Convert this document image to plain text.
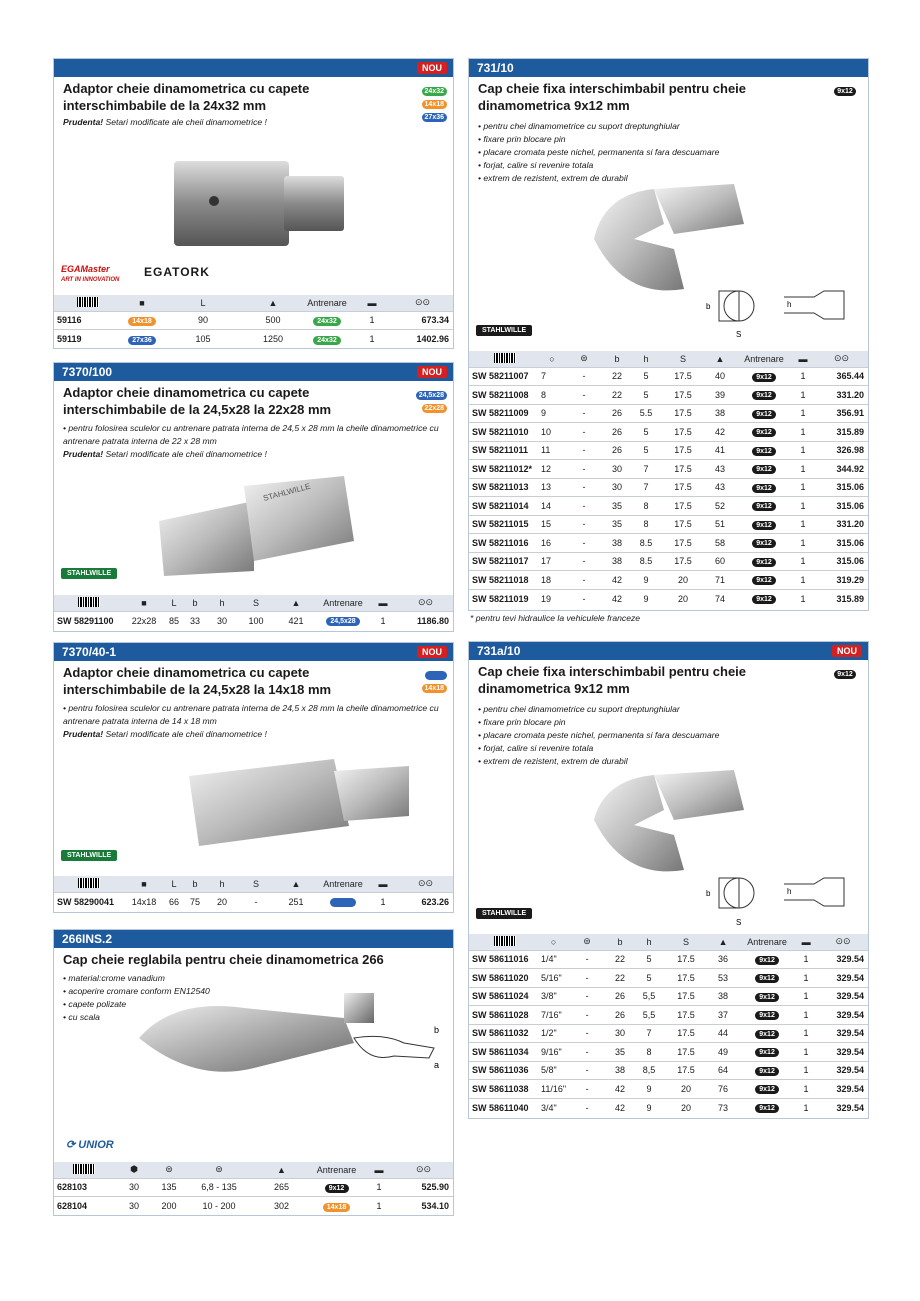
NOU
Adaptor cheie dinamometrica cu capete interschimbabile de la 24x32 mm
24x32
14x18
27x36
Prudenta! Setari modificate ale cheii dinamometrice !
EGAMaster
ART IN INNOVATION
EGATORK
	■	L	▲	Antrenare	▬	⊙⊙
59116	14x18	90	500	24x32	1	673.34
59119	27x36	105	1250	24x32	1	1402.96
7370/100	NOU
Adaptor cheie dinamometrica cu capete interschimbabile de la 24,5x28 la 22x28 mm
24,5x28
22x28
• pentru folosirea sculelor cu antrenare patrata interna de 24,5 x 28 mm la cheile dinamometrice cu antrenare patrata interna de 22 x 28 mm
Prudenta! Setari modificate ale cheii dinamometrice !
STAHLWILLE
STAHLWILLE
	■	L	b	h	S	▲	Antrenare	▬	⊙⊙
SW 58291100	22x28	85	33	30	100	421	24,5x28	1	1186.80
7370/40-1	NOU
Adaptor cheie dinamometrica cu capete interschimbabile de la 24,5x28 la 14x18 mm
	14x18
• pentru folosirea sculelor cu antrenare patrata interna de 24,5 x 28 mm la cheile dinamometrice cu antrenare patrata interna de 14 x 18 mm
Prudenta! Setari modificate ale cheii dinamometrice !
STAHLWILLE
	■	L	b	h	S	▲	Antrenare	▬	⊙⊙
SW 58290041	14x18	66	75	20	-	251		1	623.26
266INS.2
Cap cheie reglabila pentru cheie dinamometrica 266
• material:crome vanadium
• acoperire cromare conform EN12540
• capete polizate
• cu scala
b
a
⟳ UNIOR
	⬢	⊜	⊜	▲	Antrenare	▬	⊙⊙
628103	30	135	6,8 - 135	265	9x12	1	525.90
628104	30	200	10 - 200	302	14x18	1	534.10
731/10
Cap cheie fixa interschimbabil pentru cheie dinamometrica 9x12 mm
9x12
• pentru chei dinamometrice cu suport dreptunghiular
• fixare prin blocare pin
• placare cromata peste nichel, permanenta si fara descuamare
• forjat, calire si revenire totala
• extrem de rezistent, extrem de durabil
b
S
h
STAHLWILLE
	○	⊜	b	h	S	▲	Antrenare	▬	⊙⊙
SW 58211007	7	-	22	5	17.5	40	9x12	1	365.44
SW 58211008	8	-	22	5	17.5	39	9x12	1	331.20
SW 58211009	9	-	26	5.5	17.5	38	9x12	1	356.91
SW 58211010	10	-	26	5	17.5	42	9x12	1	315.89
SW 58211011	11	-	26	5	17.5	41	9x12	1	326.98
SW 58211012*	12	-	30	7	17.5	43	9x12	1	344.92
SW 58211013	13	-	30	7	17.5	43	9x12	1	315.06
SW 58211014	14	-	35	8	17.5	52	9x12	1	315.06
SW 58211015	15	-	35	8	17.5	51	9x12	1	331.20
SW 58211016	16	-	38	8.5	17.5	58	9x12	1	315.06
SW 58211017	17	-	38	8.5	17.5	60	9x12	1	315.06
SW 58211018	18	-	42	9	20	71	9x12	1	319.29
SW 58211019	19	-	42	9	20	74	9x12	1	315.89
* pentru tevi hidraulice la vehiculele franceze
731a/10	NOU
Cap cheie fixa interschimbabil pentru cheie dinamometrica 9x12 mm
9x12
• pentru chei dinamometrice cu suport dreptunghiular
• fixare prin blocare pin
• placare cromata peste nichel, permanenta si fara descuamare
• forjat, calire si revenire totala
• extrem de rezistent, extrem de durabil
b
S
h
STAHLWILLE
	○	⊜	b	h	S	▲	Antrenare	▬	⊙⊙
SW 58611016	1/4"	-	22	5	17.5	36	9x12	1	329.54
SW 58611020	5/16"	-	22	5	17.5	53	9x12	1	329.54
SW 58611024	3/8"	-	26	5,5	17.5	38	9x12	1	329.54
SW 58611028	7/16"	-	26	5,5	17.5	37	9x12	1	329.54
SW 58611032	1/2"	-	30	7	17.5	44	9x12	1	329.54
SW 58611034	9/16"	-	35	8	17.5	49	9x12	1	329.54
SW 58611036	5/8"	-	38	8,5	17.5	64	9x12	1	329.54
SW 58611038	11/16"	-	42	9	20	76	9x12	1	329.54
SW 58611040	3/4"	-	42	9	20	73	9x12	1	329.54
